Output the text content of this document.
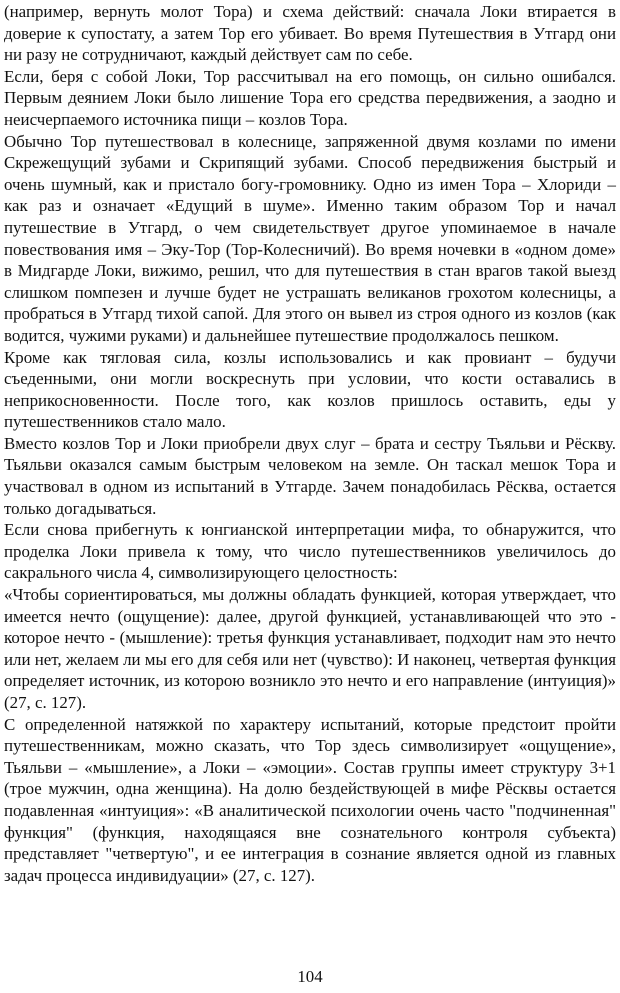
(например, вернуть молот Тора) и схема действий: сначала Локи втирается в доверие к супостату, а затем Тор его убивает. Во время Путешествия в Утгард они ни разу не сотрудничают, каждый действует сам по себе.

Если, беря с собой Локи, Тор рассчитывал на его помощь, он сильно ошибался. Первым деянием Локи было лишение Тора его средства передвижения, а заодно и неисчерпаемого источника пищи – козлов Тора.

Обычно Тор путешествовал в колеснице, запряженной двумя козлами по имени Скрежещущий зубами и Скрипящий зубами. Способ передвижения быстрый и очень шумный, как и пристало богу-громовнику. Одно из имен Тора – Хлориди – как раз и означает «Едущий в шуме». Именно таким образом Тор и начал путешествие в Утгард, о чем свидетельствует другое упоминаемое в начале повествования имя – Эку-Тор (Тор-Колесничий). Во время ночевки в «одном доме» в Мидгарде Локи, вижимо, решил, что для путешествия в стан врагов такой выезд слишком помпезен и лучше будет не устрашать великанов грохотом колесницы, а пробраться в Утгард тихой сапой. Для этого он вывел из строя одного из козлов (как водится, чужими руками) и дальнейшее путешествие продолжалось пешком.

Кроме как тягловая сила, козлы использовались и как провиант – будучи съеденными, они могли воскреснуть при условии, что кости оставались в неприкосновенности. После того, как козлов пришлось оставить, еды у путешественников стало мало.

Вместо козлов Тор и Локи приобрели двух слуг – брата и сестру Тьяльви и Рёскву. Тьяльви оказался самым быстрым человеком на земле. Он таскал мешок Тора и участвовал в одном из испытаний в Утгарде. Зачем понадобилась Рёсква, остается только догадываться.

Если снова прибегнуть к юнгианской интерпретации мифа, то обнаружится, что проделка Локи привела к тому, что число путешественников увеличилось до сакрального числа 4, символизирующего целостность:

«Чтобы сориентироваться, мы должны обладать функцией, которая утверждает, что имеется нечто (ощущение): далее, другой функцией, устанавливающей что это - которое нечто - (мышление): третья функция устанавливает, подходит нам это нечто или нет, желаем ли мы его для себя или нет (чувство): И наконец, четвертая функция определяет источник, из которою возникло это нечто и его направление (интуиция)» (27, с. 127).

С определенной натяжкой по характеру испытаний, которые предстоит пройти путешественникам, можно сказать, что Тор здесь символизирует «ощущение», Тьяльви – «мышление», а Локи – «эмоции». Состав группы имеет структуру 3+1 (трое мужчин, одна женщина). На долю бездействующей в мифе Рёсквы остается подавленная «интуиция»: «В аналитической психологии очень часто "подчиненная" функция" (функция, находящаяся вне сознательного контроля субъекта) представляет "четвертую", и ее интеграция в сознание является одной из главных задач процесса индивидуации» (27, с. 127).

104
